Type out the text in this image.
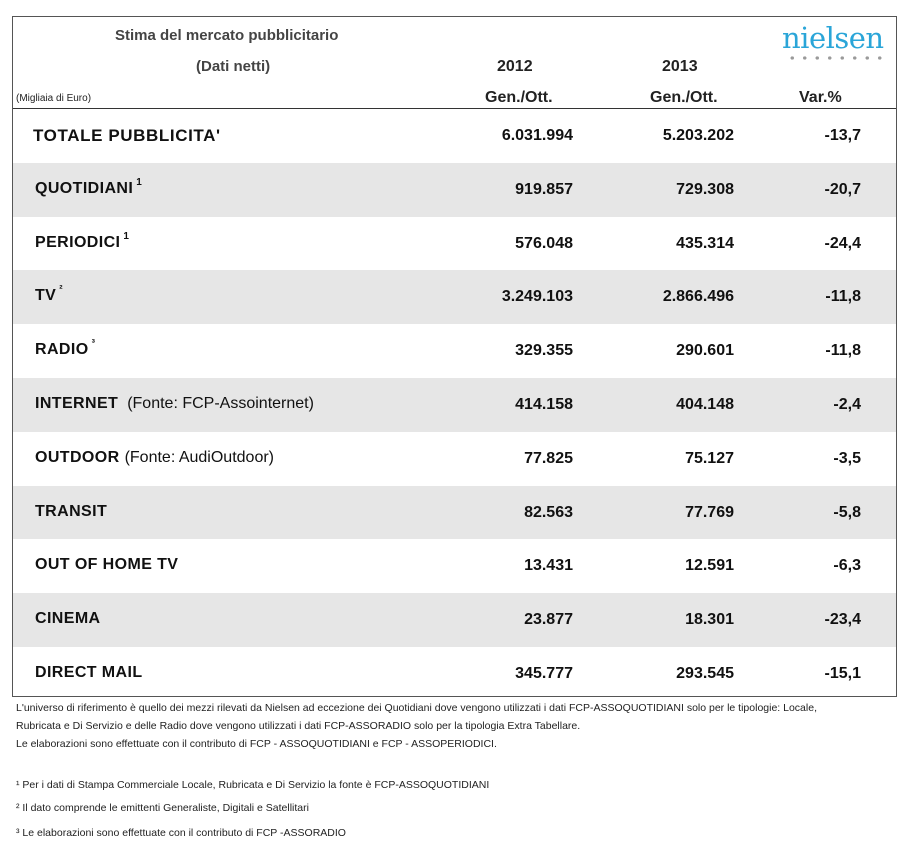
Stima del mercato pubblicitario
(Dati netti)
(Migliaia di Euro)
2012	2013
Gen./Ott.	Gen./Ott.	Var.%
nielsen
TOTALE PUBBLICITA'	6.031.994	5.203.202	-13,7
QUOTIDIANI $^1$	919.857	729.308	-20,7
PERIODICI $^1$	576.048	435.314	-24,4
TV $^{^2}$	3.249.103	2.866.496	-11,8
RADIO $^{^3}$	329.355	290.601	-11,8
INTERNET (Fonte: FCP-Assointernet)	414.158	404.148	-2,4
OUTDOOR (Fonte: AudiOutdoor)	77.825	75.127	-3,5
TRANSIT	82.563	77.769	-5,8
OUT OF HOME TV	13.431	12.591	-6,3
CINEMA	23.877	18.301	-23,4
DIRECT MAIL	345.777	293.545	-15,1
L'universo di riferimento è quello dei mezzi rilevati da Nielsen ad eccezione dei Quotidiani dove vengono utilizzati i dati FCP-ASSOQUOTIDIANI solo per le tipologie: Locale,
Rubricata e Di Servizio e delle Radio dove vengono utilizzati i dati FCP-ASSORADIO solo per la tipologia Extra Tabellare.
Le elaborazioni sono effettuate con il contributo di FCP - ASSOQUOTIDIANI e FCP - ASSOPERIODICI.
¹ Per i dati di Stampa Commerciale Locale, Rubricata e Di Servizio la fonte è FCP-ASSOQUOTIDIANI
² Il dato comprende le emittenti Generaliste, Digitali e Satellitari
³ Le elaborazioni sono effettuate con il contributo di FCP -ASSORADIO
